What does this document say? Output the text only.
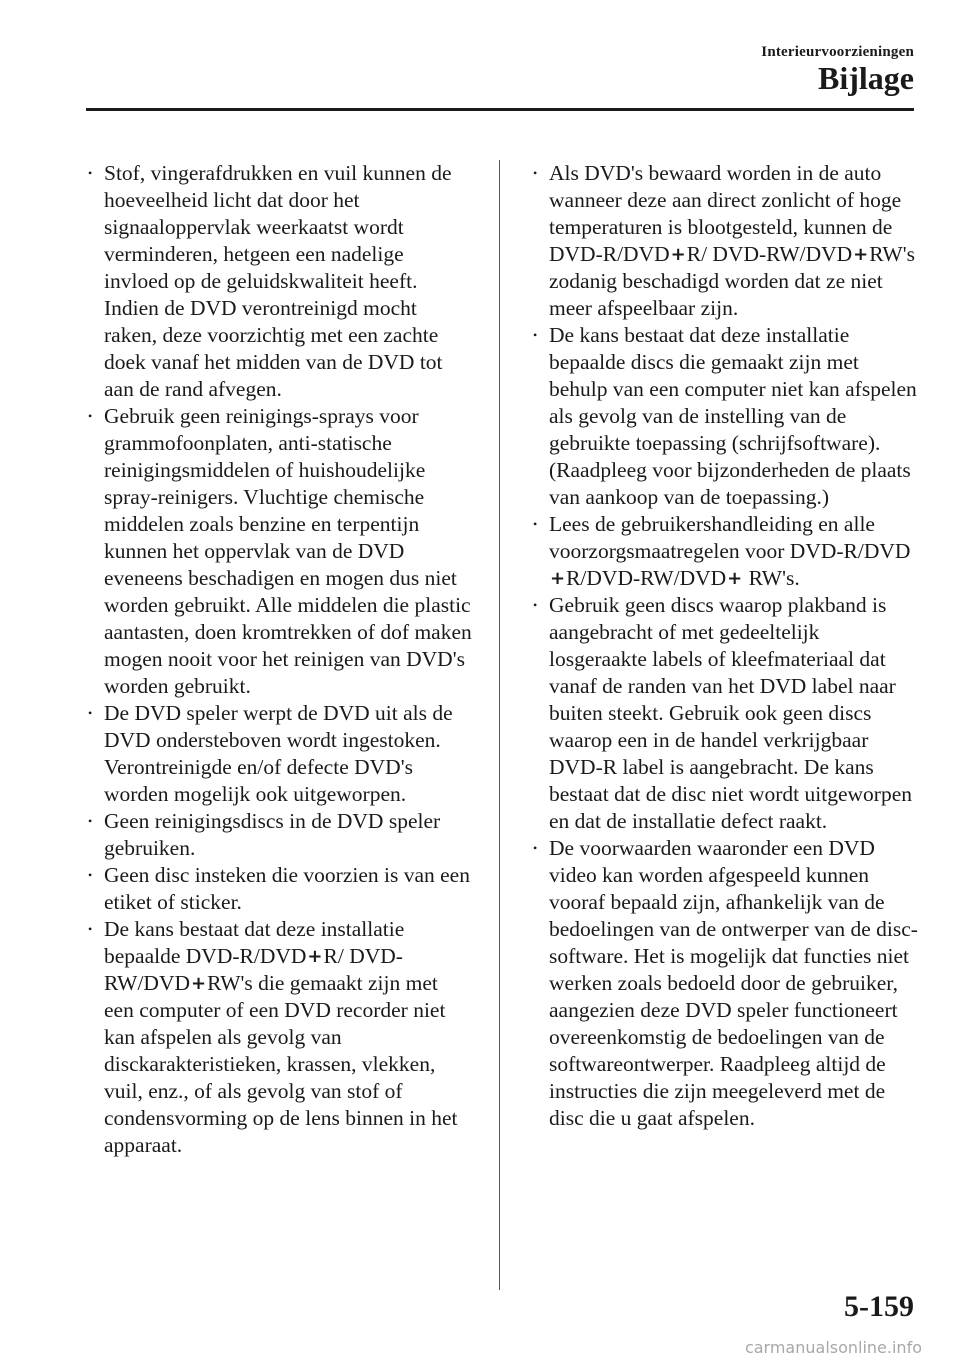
Interieurvoorzieningen
Bijlage
• Stof, vingerafdrukken en vuil kunnen de hoeveelheid licht dat door het signaaloppervlak weerkaatst wordt verminderen, hetgeen een nadelige invloed op de geluidskwaliteit heeft. Indien de DVD verontreinigd mocht raken, deze voorzichtig met een zachte doek vanaf het midden van de DVD tot aan de rand afvegen.
• Gebruik geen reinigings-sprays voor grammofoonplaten, anti-statische reinigingsmiddelen of huishoudelijke spray-reinigers. Vluchtige chemische middelen zoals benzine en terpentijn kunnen het oppervlak van de DVD eveneens beschadigen en mogen dus niet worden gebruikt. Alle middelen die plastic aantasten, doen kromtrekken of dof maken mogen nooit voor het reinigen van DVD's worden gebruikt.
• De DVD speler werpt de DVD uit als de DVD ondersteboven wordt ingestoken. Verontreinigde en/of defecte DVD's worden mogelijk ook uitgeworpen.
• Geen reinigingsdiscs in de DVD speler gebruiken.
• Geen disc insteken die voorzien is van een etiket of sticker.
• De kans bestaat dat deze installatie bepaalde DVD-R/DVD+R/ DVD-RW/DVD+RW's die gemaakt zijn met een computer of een DVD recorder niet kan afspelen als gevolg van disckarakteristieken, krassen, vlekken, vuil, enz., of als gevolg van stof of condensvorming op de lens binnen in het apparaat.
• Als DVD's bewaard worden in de auto wanneer deze aan direct zonlicht of hoge temperaturen is blootgesteld, kunnen de DVD-R/DVD+R/ DVD-RW/DVD+RW's zodanig beschadigd worden dat ze niet meer afspeelbaar zijn.
• De kans bestaat dat deze installatie bepaalde discs die gemaakt zijn met behulp van een computer niet kan afspelen als gevolg van de instelling van de gebruikte toepassing (schrijfsoftware). (Raadpleeg voor bijzonderheden de plaats van aankoop van de toepassing.)
• Lees de gebruikershandleiding en alle voorzorgsmaatregelen voor DVD-R/DVD+R/DVD-RW/DVD+ RW's.
• Gebruik geen discs waarop plakband is aangebracht of met gedeeltelijk losgeraakte labels of kleefmateriaal dat vanaf de randen van het DVD label naar buiten steekt. Gebruik ook geen discs waarop een in de handel verkrijgbaar DVD-R label is aangebracht. De kans bestaat dat de disc niet wordt uitgeworpen en dat de installatie defect raakt.
• De voorwaarden waaronder een DVD video kan worden afgespeeld kunnen vooraf bepaald zijn, afhankelijk van de bedoelingen van de ontwerper van de disc-software. Het is mogelijk dat functies niet werken zoals bedoeld door de gebruiker, aangezien deze DVD speler functioneert overeenkomstig de bedoelingen van de softwareontwerper. Raadpleeg altijd de instructies die zijn meegeleverd met de disc die u gaat afspelen.
5-159
carmanualsonline.info
